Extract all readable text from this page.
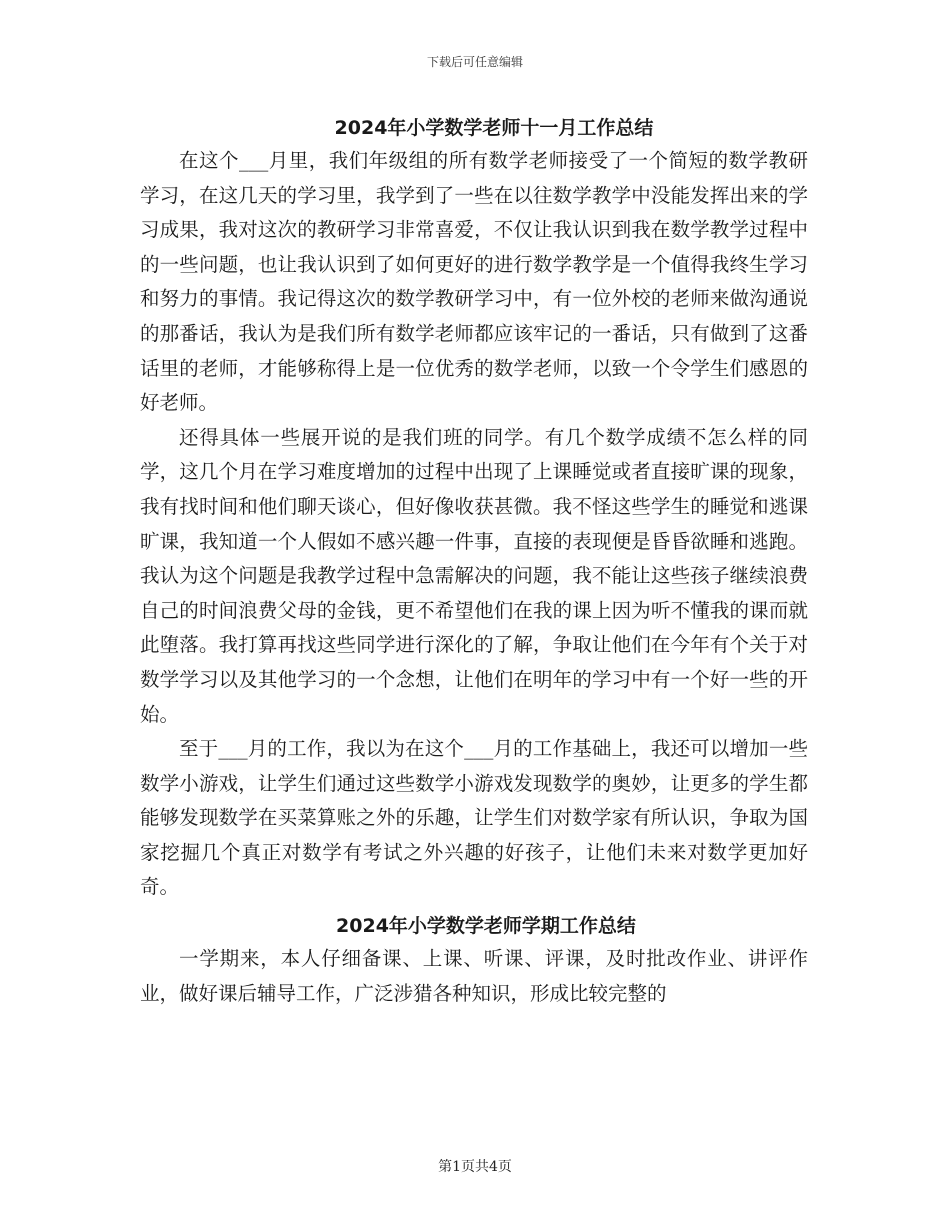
下载后可任意编辑
2024年小学数学老师十一月工作总结

在这个___月里，我们年级组的所有数学老师接受了一个简短的数学教研学习，在这几天的学习里，我学到了一些在以往数学教学中没能发挥出来的学习成果，我对这次的教研学习非常喜爱，不仅让我认识到我在数学教学过程中的一些问题，也让我认识到了如何更好的进行数学教学是一个值得我终生学习和努力的事情。我记得这次的数学教研学习中，有一位外校的老师来做沟通说的那番话，我认为是我们所有数学老师都应该牢记的一番话，只有做到了这番话里的老师，才能够称得上是一位优秀的数学老师，以致一个令学生们感恩的好老师。

还得具体一些展开说的是我们班的同学。有几个数学成绩不怎么样的同学，这几个月在学习难度增加的过程中出现了上课睡觉或者直接旷课的现象，我有找时间和他们聊天谈心，但好像收获甚微。我不怪这些学生的睡觉和逃课旷课，我知道一个人假如不感兴趣一件事，直接的表现便是昏昏欲睡和逃跑。我认为这个问题是我教学过程中急需解决的问题，我不能让这些孩子继续浪费自己的时间浪费父母的金钱，更不希望他们在我的课上因为听不懂我的课而就此堕落。我打算再找这些同学进行深化的了解，争取让他们在今年有个关于对数学学习以及其他学习的一个念想，让他们在明年的学习中有一个好一些的开始。

至于___月的工作，我以为在这个___月的工作基础上，我还可以增加一些数学小游戏，让学生们通过这些数学小游戏发现数学的奥妙，让更多的学生都能够发现数学在买菜算账之外的乐趣，让学生们对数学家有所认识，争取为国家挖掘几个真正对数学有考试之外兴趣的好孩子，让他们未来对数学更加好奇。

2024年小学数学老师学期工作总结

一学期来，本人仔细备课、上课、听课、评课，及时批改作业、讲评作业，做好课后辅导工作，广泛涉猎各种知识，形成比较完整的

第1页共4页
